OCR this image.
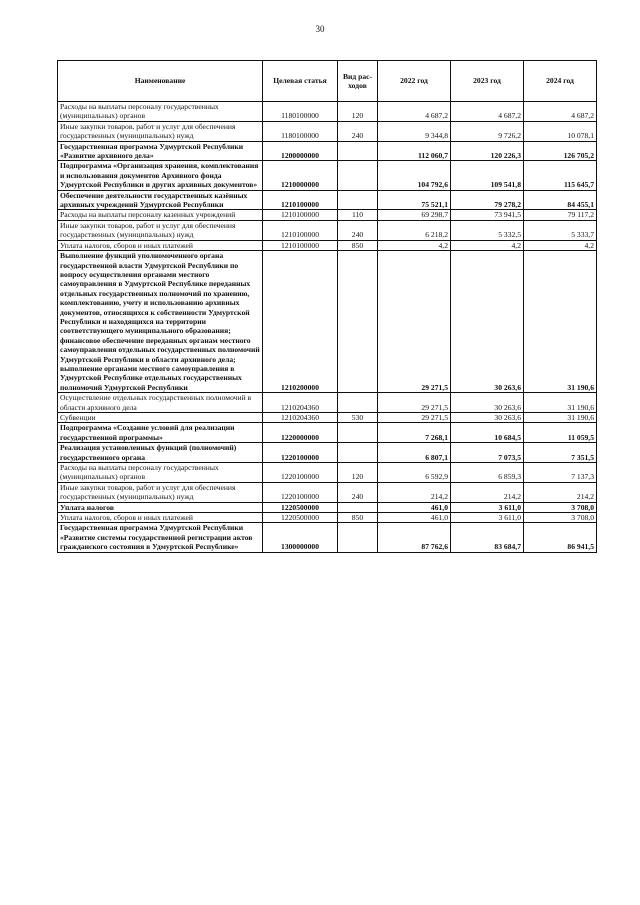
30
Наименование	Целевая статья	Вид рас-ходов	2022 год	2023 год	2024 год
Расходы на выплаты персоналу государственных (муниципальных) органов	1180100000	120	4 687,2	4 687,2	4 687,2
Иные закупки товаров, работ и услуг для обеспечения государственных (муниципальных) нужд	1180100000	240	9 344,8	9 726,2	10 078,1
Государственная программа Удмуртской Республики «Развитие архивного дела»	1200000000		112 060,7	120 226,3	126 705,2
Подпрограмма «Организация хранения, комплектования и использования документов Архивного фонда Удмуртской Республики и других архивных документов»	1210000000		104 792,6	109 541,8	115 645,7
Обеспечение деятельности государственных казённых архивных учреждений Удмуртской Республики	1210100000		75 521,1	79 278,2	84 455,1
Расходы на выплаты персоналу казенных учреждений	1210100000	110	69 298,7	73 941,5	79 117,2
Иные закупки товаров, работ и услуг для обеспечения государственных (муниципальных) нужд	1210100000	240	6 218,2	5 332,5	5 333,7
Уплата налогов, сборов и иных платежей	1210100000	850	4,2	4,2	4,2
Выполнение функций уполномоченного органа государственной власти Удмуртской Республики по вопросу осуществления органами местного самоуправления в Удмуртской Республике переданных отдельных государственных полномочий по хранению, комплектованию, учету и использованию архивных документов, относящихся к собственности Удмуртской Республики и находящихся на территории соответствующего муниципального образования; финансовое обеспечение переданных органам местного самоуправления отдельных государственных полномочий Удмуртской Республики в области архивного дела; выполнение органами местного самоуправления в Удмуртской Республике отдельных государственных полномочий Удмуртской Республики	1210200000		29 271,5	30 263,6	31 190,6
Осуществление отдельных государственных полномочий в области архивного дела	1210204360		29 271,5	30 263,6	31 190,6
Субвенции	1210204360	530	29 271,5	30 263,6	31 190,6
Подпрограмма «Создание условий для реализации государственной программы»	1220000000		7 268,1	10 684,5	11 059,5
Реализация установленных функций (полномочий) государственного органа	1220100000		6 807,1	7 073,5	7 351,5
Расходы на выплаты персоналу государственных (муниципальных) органов	1220100000	120	6 592,9	6 859,3	7 137,3
Иные закупки товаров, работ и услуг для обеспечения государственных (муниципальных) нужд	1220100000	240	214,2	214,2	214,2
Уплата налогов	1220500000		461,0	3 611,0	3 708,0
Уплата налогов, сборов и иных платежей	1220500000	850	461,0	3 611,0	3 708,0
Государственная программа Удмуртской Республики «Развитие системы государственной регистрации актов гражданского состояния в Удмуртской Республике»	1300000000		87 762,6	83 684,7	86 941,5
